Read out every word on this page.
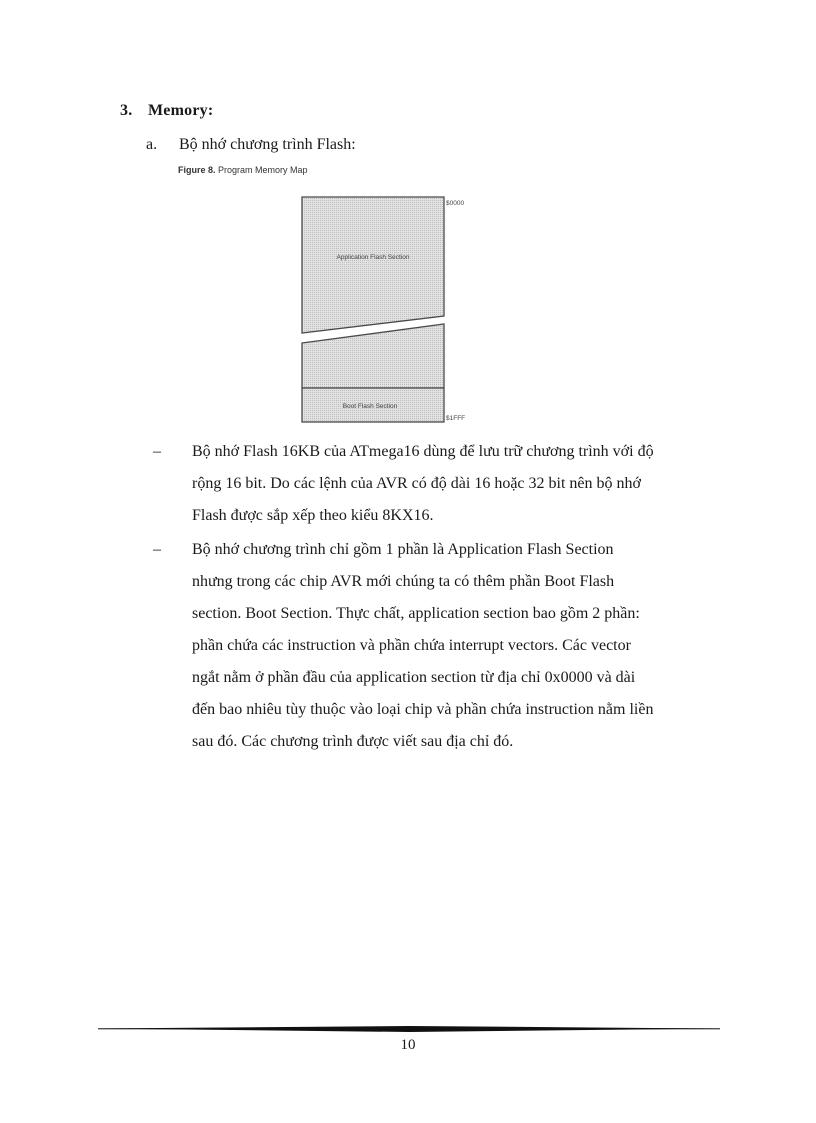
3. Memory:
a. Bộ nhớ chương trình Flash:
Figure 8. Program Memory Map
Application Flash Section
Boot Flash Section
$0000
$1FFF
– Bộ nhớ Flash 16KB của ATmega16 dùng để lưu trữ chương trình với độ

rộng 16 bit. Do các lệnh của AVR có độ dài 16 hoặc 32 bit nên bộ nhớ

Flash được sắp xếp theo kiểu 8KX16.

– Bộ nhớ chương trình chỉ gồm 1 phần là Application Flash Section

nhưng trong các chip AVR mới chúng ta có thêm phần Boot Flash

section. Boot Section. Thực chất, application section bao gồm 2 phần:

phần chứa các instruction và phần chứa interrupt vectors. Các vector

ngắt nằm ở phần đầu của application section từ địa chỉ 0x0000 và dài

đến bao nhiêu tùy thuộc vào loại chip và phần chứa instruction nằm liền

sau đó. Các chương trình được viết sau địa chỉ đó.

10
